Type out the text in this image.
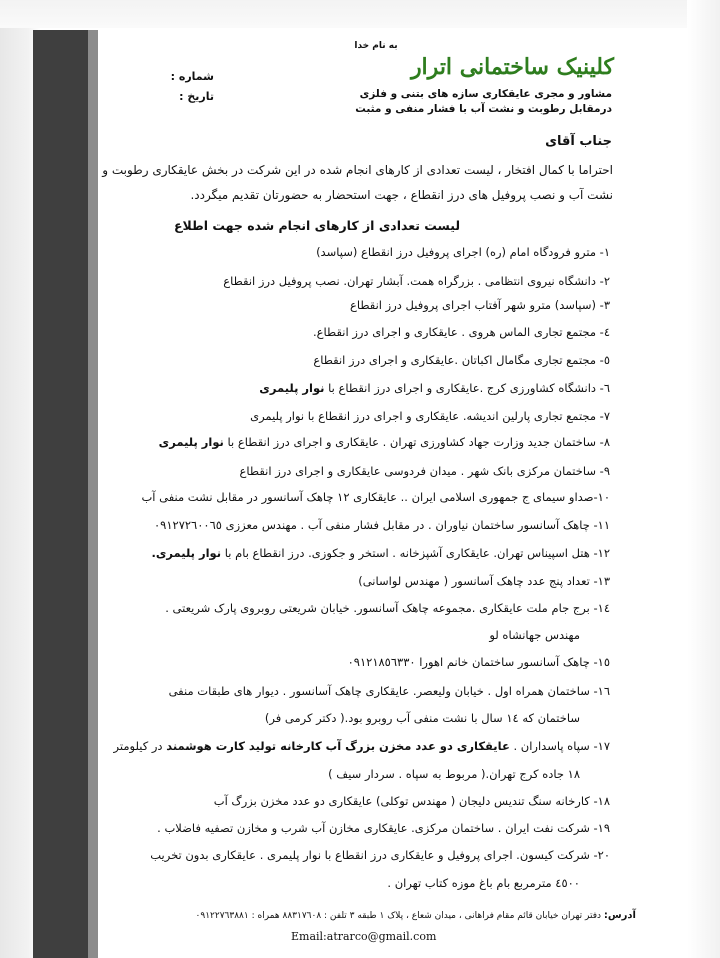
به نام خدا
کلینیک ساختمانی اترار
مشاور و مجری عایقکاری سازه های بتنی و فلزی
درمقابل رطوبت و نشت آب با فشار منفی و مثبت
شماره :
تاریخ :
جناب آقای
احتراما با کمال افتخار ، لیست تعدادی از کارهای انجام شده در این شرکت در بخش عایقکاری رطوبت و
نشت آب و نصب پروفیل های درز انقطاع ، جهت استحضار به حضورتان تقدیم میگردد.
لیست تعدادی از کارهای انجام شده جهت اطلاع
۱- مترو فرودگاه امام (ره) اجرای پروفیل درز انقطاع (سپاسد)
۲- دانشگاه نیروی انتظامی . بزرگراه همت. آبشار تهران. نصب پروفیل درز انقطاع
۳- (سپاسد) مترو شهر آفتاب اجرای پروفیل درز انقطاع
٤- مجتمع تجاری الماس هروی . عایقکاری و اجرای درز انقطاع.
٥- مجتمع تجاری مگامال اکباتان .عایقکاری و اجرای درز انقطاع
٦- دانشگاه کشاورزی کرج .عایقکاری و اجرای درز انقطاع با نوار پلیمری
۷- مجتمع تجاری پارلین اندیشه. عایقکاری و اجرای درز انقطاع با نوار پلیمری
۸- ساختمان جدید وزارت جهاد کشاورزی تهران . عایقکاری و اجرای درز انقطاع با نوار پلیمری
۹- ساختمان مرکزی بانک شهر . میدان فردوسی عایقکاری و اجرای درز انقطاع
۱۰-صداو سیمای ج جمهوری اسلامی ایران .. عایقکاری ۱۲ چاهک آسانسور در مقابل نشت منفی آب
۱۱- چاهک آسانسور ساختمان نیاوران . در مقابل فشار منفی آب . مهندس معززی ۰۹۱۲۷۲٦۰۰٦٥
۱۲- هتل اسپیناس تهران. عایقکاری آشپزخانه . استخر و جکوزی. درز انقطاع بام با نوار پلیمری.
۱۳- تعداد پنج عدد چاهک آسانسور ( مهندس لواسانی)
١٤- برج جام ملت عایقکاری .مجموعه چاهک آسانسور. خیابان شریعتی روبروی پارک شریعتی .
مهندس جهانشاه لو
١٥- چاهک آسانسور ساختمان خانم اهورا ۰۹۱۲۱۸٥٦۳۳۰
١٦- ساختمان همراه اول . خیابان ولیعصر. عایقکاری چاهک آسانسور . دیوار های طبقات منفی
ساختمان که ١٤ سال با نشت منفی آب روبرو بود.( دکتر کرمی فر)
۱۷- سپاه پاسداران . عایقکاری دو عدد مخزن بزرگ آب کارخانه تولید کارت هوشمند در کیلومتر
۱۸ جاده کرج تهران.( مربوط به سپاه . سردار سیف )
۱۸- کارخانه سنگ تندیس دلیجان ( مهندس توکلی) عایقکاری دو عدد مخزن بزرگ آب
۱۹- شرکت نفت ایران . ساختمان مرکزی. عایقکاری مخازن آب شرب و مخازن تصفیه فاضلاب .
۲۰- شرکت کیسون. اجرای پروفیل و عایقکاری درز انقطاع با نوار پلیمری . عایقکاری بدون تخریب
٤٥۰۰ مترمربع بام باغ موزه کتاب تهران .
آدرس: دفتر تهران خیابان قائم مقام فراهانی ، میدان شعاع ، پلاک ۱ طبقه ۳ تلفن : ۸۸۳۱۷٦۰۸ همراه : ۰۹۱۲۲۷٦۳۸۸۱
Email:atrarco@gmail.com
